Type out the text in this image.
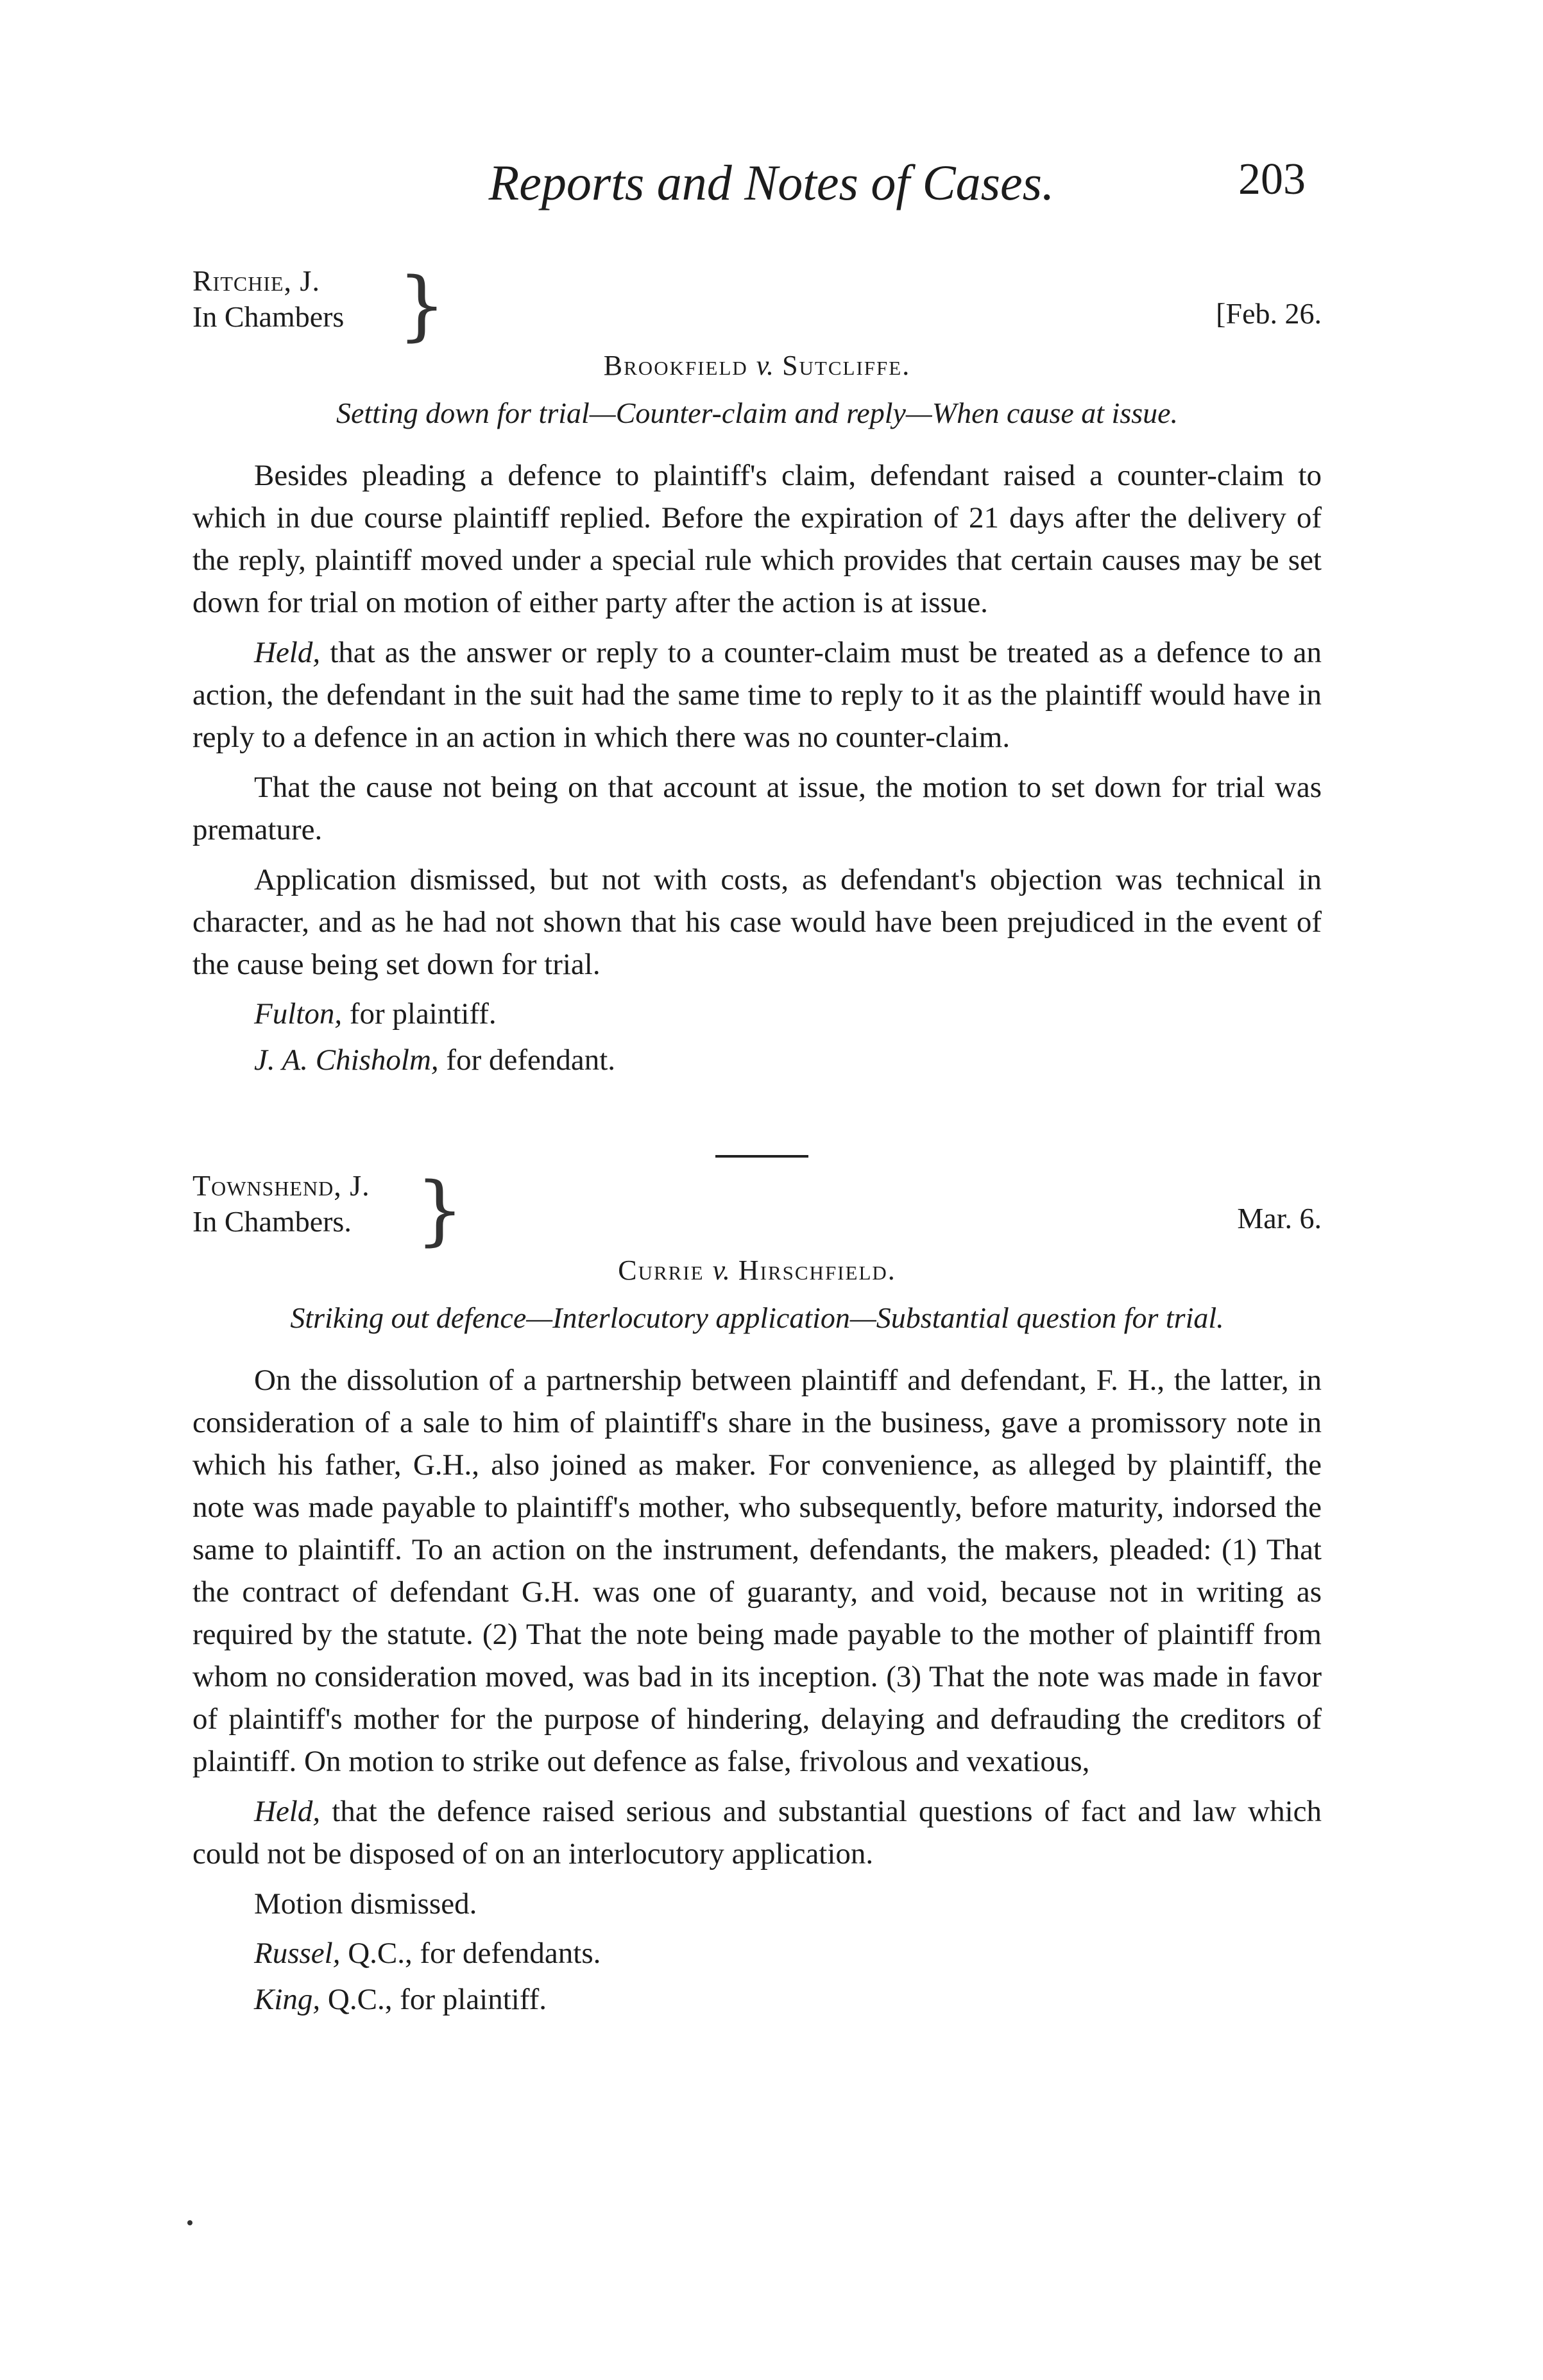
Reports and Notes of Cases.	203
Ritchie, J.
In Chambers }	[Feb. 26.
Brookfield v. Sutcliffe.
Setting down for trial—Counter-claim and reply—When cause at issue.

Besides pleading a defence to plaintiff's claim, defendant raised a counter-claim to which in due course plaintiff replied. Before the expiration of 21 days after the delivery of the reply, plaintiff moved under a special rule which provides that certain causes may be set down for trial on motion of either party after the action is at issue.

Held, that as the answer or reply to a counter-claim must be treated as a defence to an action, the defendant in the suit had the same time to reply to it as the plaintiff would have in reply to a defence in an action in which there was no counter-claim.

That the cause not being on that account at issue, the motion to set down for trial was premature.

Application dismissed, but not with costs, as defendant's objection was technical in character, and as he had not shown that his case would have been prejudiced in the event of the cause being set down for trial.

Fulton, for plaintiff.

J. A. Chisholm, for defendant.

Townshend, J.
In Chambers. }	Mar. 6.
Currie v. Hirschfield.
Striking out defence—Interlocutory application—Substantial question for trial.

On the dissolution of a partnership between plaintiff and defendant, F. H., the latter, in consideration of a sale to him of plaintiff's share in the business, gave a promissory note in which his father, G.H., also joined as maker. For convenience, as alleged by plaintiff, the note was made payable to plaintiff's mother, who subsequently, before maturity, indorsed the same to plaintiff. To an action on the instrument, defendants, the makers, pleaded: (1) That the contract of defendant G.H. was one of guaranty, and void, because not in writing as required by the statute. (2) That the note being made payable to the mother of plaintiff from whom no consideration moved, was bad in its inception. (3) That the note was made in favor of plaintiff's mother for the purpose of hindering, delaying and defrauding the creditors of plaintiff. On motion to strike out defence as false, frivolous and vexatious,

Held, that the defence raised serious and substantial questions of fact and law which could not be disposed of on an interlocutory application.

Motion dismissed.

Russel, Q.C., for defendants.

King, Q.C., for plaintiff.
